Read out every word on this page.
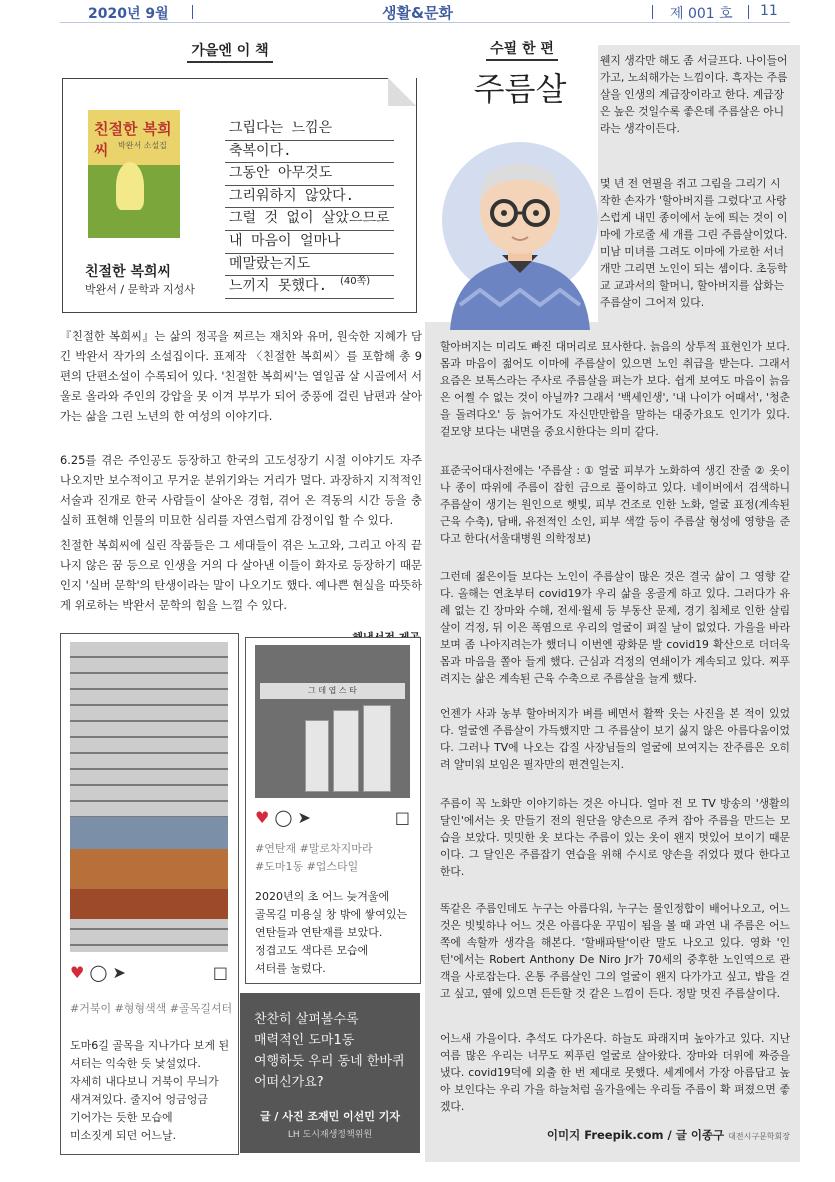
2020년 9월	생활&문화	제 001 호 11
가을엔 이 책
친절한 복희씨	박완서 소설집
친절한 복희씨
박완서 / 문학과 지성사
그립다는 느낌은
축복이다.
그동안 아무것도
그리워하지 않았다.
그럴 것 없이 살았으므로
내 마음이 얼마나
메말랐는지도
느끼지 못했다.	(40쪽)
『친절한 복희씨』는 삶의 정곡을 찌르는 재치와 유머, 원숙한 지혜가 담긴 박완서 작가의 소설집이다. 표제작 〈친절한 복희씨〉를 포함해 총 9편의 단편소설이 수록되어 있다. '친절한 복희씨'는 열일곱 살 시골에서 서울로 올라와 주인의 강압을 못 이겨 부부가 되어 중풍에 걸린 남편과 살아가는 삶을 그린 노년의 한 여성의 이야기다.
6.25를 겪은 주인공도 등장하고 한국의 고도성장기 시절 이야기도 자주 나오지만 보수적이고 무거운 분위기와는 거리가 멀다. 과장하지 지적적인 서술과 진개로 한국 사람들이 살아온 경험, 겪어 온 격동의 시간 등을 충실히 표현해 인물의 미묘한 심리를 자연스럽게 감정이입 할 수 있다.
친절한 복희씨에 실린 작품들은 그 세대들이 겪은 노고와, 그리고 아직 끝나지 않은 꿈 등으로 인생을 거의 다 살아낸 이들이 화자로 등장하기 때문인지 '실버 문학'의 탄생이라는 말이 나오기도 했다. 예나쁜 현실을 따뜻하게 위로하는 박완서 문학의 힘을 느낄 수 있다.
♥ ◯ ➤	□
#거북이 #형형색색 #골목길셔터
도마6길 골목을 지나가다 보게 된
셔터는 익숙한 듯 낯설었다.
자세히 내다보니 거북이 무늬가
새겨져있다. 줄지어 엉금엉금
기어가는 듯한 모습에
미소짓게 되던 어느날.
그 데 엽 스 타
♥ ◯ ➤	□
#연탄재 #말로차지마라
#도마1동 #업스타일
2020년의 초 어느 늦겨울에
골목길 미용실 창 밖에 쌓여있는
연탄들과 연탄재를 보았다.
정겹고도 색다른 모습에
셔터를 눌렀다.
찬찬히 살펴볼수록
매력적인 도마1동
여행하듯 우리 동네 한바퀴
어떠신가요?
글 / 사진 조재민 이선민 기자
LH 도시재생정책위원
수필 한 편
주름살
웬지 생각만 해도 좀 서글프다. 나이들어가고, 노쇠해가는 느낌이다. 흑자는 주름살을 인생의 계급장이라고 한다. 계급장은 높은 것일수록 좋은데 주름살은 아니라는 생각이든다.
몇 년 전 연필을 쥐고 그림을 그리기 시작한 손자가 '할아버지를 그렸다'고 사랑스럽게 내민 종이에서 눈에 띄는 것이 이마에 가로줄 세 개를 그린 주름살이었다. 미남 미녀를 그려도 이마에 가로한 서너개만 그리면 노인이 되는 셈이다. 초등학교 교과서의 할머니, 할아버지를 삽화는 주름살이 그어져 있다.
할아버지는 미리도 빠진 대머리로 묘사한다. 늙음의 상투적 표현인가 보다. 몸과 마음이 젊어도 이마에 주름살이 있으면 노인 취급을 받는다. 그래서 요즘은 보톡스라는 주사로 주름살을 펴는가 보다. 쉽게 보여도 마음이 늙음은 어쩔 수 없는 것이 아닐까? 그래서 '백세인생', '내 나이가 어때서', '청춘을 돌려다오' 등 늙어가도 자신만만함을 말하는 대중가요도 인기가 있다. 겉모양 보다는 내면을 중요시한다는 의미 같다.
표준국어대사전에는 '주름살 : ① 얼굴 피부가 노화하여 생긴 잔줄 ② 옷이나 종이 따위에 주름이 잡힌 금으로 풀이하고 있다. 네이버에서 검색하니 주름살이 생기는 원인으로 햇빛, 피부 건조로 인한 노화, 얼굴 표정(계속된 근육 수축), 담배, 유전적인 소인, 피부 색깔 등이 주름살 형성에 영향을 준다고 한다(서울대병원 의학정보)
그런데 젊은이들 보다는 노인이 주름살이 많은 것은 결국 삶이 그 영향 같다. 올해는 연초부터 covid19가 우리 삶을 옹골게 하고 있다. 그러다가 유례 없는 긴 장마와 수해, 전세·월세 등 부동산 문제, 경기 침체로 인한 살림살이 걱정, 뒤 이은 폭염으로 우리의 얼굴이 펴질 날이 없었다. 가을을 바라보며 좀 나아지려는가 했더니 이번엔 광화문 발 covid19 확산으로 더더욱 몸과 마음을 쫄아 들게 했다. 근심과 걱정의 연쇄이가 계속되고 있다. 찌푸려지는 삶은 계속된 근육 수축으로 주름살을 늘게 했다.
언젠가 사과 농부 할아버지가 벼를 베면서 활짝 웃는 사진을 본 적이 있었다. 얼굴엔 주름살이 가득했지만 그 주름살이 보기 싫지 않은 아름다움이었다. 그러나 TV에 나오는 갑질 사장님들의 얼굴에 보여지는 잔주름은 오히려 얄미워 보임은 필자만의 편견일는지.
주름이 꼭 노화만 이야기하는 것은 아니다. 얼마 전 모 TV 방송의 '생활의 달인'에서는 옷 만들기 전의 원단을 양손으로 주켜 잡아 주름을 만드는 모습을 보았다. 밋밋한 옷 보다는 주름이 있는 옷이 왠지 멋있어 보이기 때문이다. 그 달인은 주름잡기 연습을 위해 수시로 양손을 쥐었다 폈다 한다고 한다.
똑같은 주름인데도 누구는 아름다워, 누구는 물인정합이 배어나오고, 어느 것은 빗빛하나 어느 것은 아름다운 꾸밈이 됨을 볼 때 과연 내 주름은 어느 쪽에 속할까 생각을 해본다. '할배파탈'이란 말도 나오고 있다. 영화 '인턴'에서는 Robert Anthony De Niro Jr가 70세의 중후한 노인역으로 관객을 사로잡는다. 온통 주름살인 그의 얼굴이 왠지 다가가고 싶고, 밥을 걷고 싶고, 옆에 있으면 든든할 것 같은 느낌이 든다. 정말 멋진 주름살이다.
어느새 가을이다. 추석도 다가온다. 하늘도 파래지며 높아가고 있다. 지난 여름 많은 우리는 너무도 찌푸린 얼굴로 살아왔다. 장마와 더위에 짜증을 냈다. covid19덕에 외출 한 번 제대로 못했다. 세계에서 가장 아름답고 높아 보인다는 우리 가을 하늘처럼 올가을에는 우리들 주름이 확 펴졌으면 좋겠다.
이미지 Freepik.com / 글 이종구 대전시구문학회장
